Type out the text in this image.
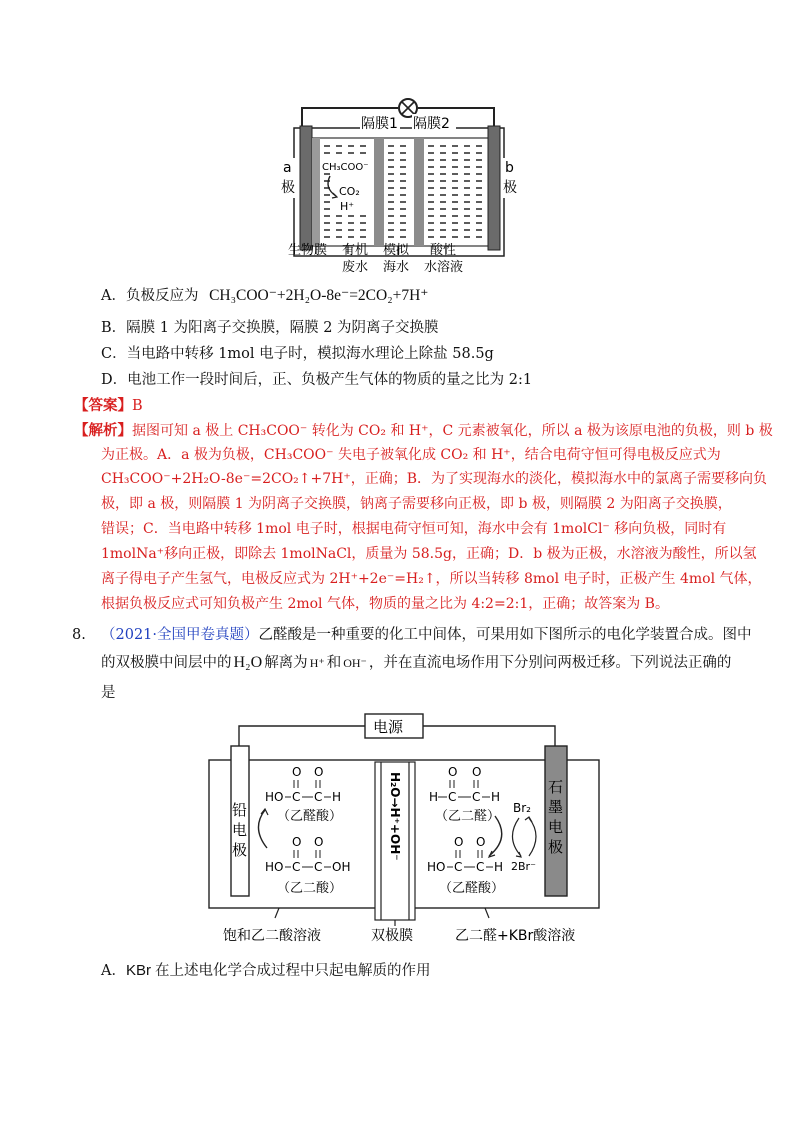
隔膜1 隔膜2
a
极
b
极
CH₃COO⁻
CO₂
H⁺
生物膜 有机
废水
模拟
海水
酸性
水溶液
A．负极反应为 CH₃COO⁻+2H₂O-8e⁻=2CO₂+7H⁺
B．隔膜 1 为阳离子交换膜，隔膜 2 为阴离子交换膜
C．当电路中转移 1mol 电子时，模拟海水理论上除盐 58.5g
D．电池工作一段时间后，正、负极产生气体的物质的量之比为 2:1
【答案】B
【解析】据图可知 a 极上 CH₃COO⁻ 转化为 CO₂ 和 H⁺，C 元素被氧化，所以 a 极为该原电池的负极，则 b 极
为正极。A．a 极为负极，CH₃COO⁻ 失电子被氧化成 CO₂ 和 H⁺，结合电荷守恒可得电极反应式为
CH₃COO⁻+2H₂O-8e⁻=2CO₂↑+7H⁺，正确；B．为了实现海水的淡化，模拟海水中的氯离子需要移向负
极，即 a 极，则隔膜 1 为阴离子交换膜，钠离子需要移向正极，即 b 极，则隔膜 2 为阳离子交换膜，
错误；C．当电路中转移 1mol 电子时，根据电荷守恒可知，海水中会有 1molCl⁻ 移向负极，同时有
1molNa⁺移向正极，即除去 1molNaCl，质量为 58.5g，正确；D．b 极为正极，水溶液为酸性，所以氢
离子得电子产生氢气，电极反应式为 2H⁺+2e⁻=H₂↑，所以当转移 8mol 电子时，正极产生 4mol 气体，
根据负极反应式可知负极产生 2mol 气体，物质的量之比为 4:2=2:1，正确；故答案为 B。
8. （2021·全国甲卷真题）乙醛酸是一种重要的化工中间体，可果用如下图所示的电化学装置合成。图中
的双极膜中间层中的 H₂O 解离为 H⁺ 和 OH⁻ ，并在直流电场作用下分别问两极迁移。下列说法正确的
是
电源
铅
电
极
石
墨
电
极
H₂O→H⁺+OH⁻
HO C C H
O O
（乙醛酸）
HO C C OH
O O
（乙二酸）
H C C H
O O
（乙二醛）
Br₂
2Br⁻
HO C C H
O O
（乙醛酸）
饱和乙二酸溶液	双极膜	乙二醛+KBr酸溶液
A．KBr 在上述电化学合成过程中只起电解质的作用
